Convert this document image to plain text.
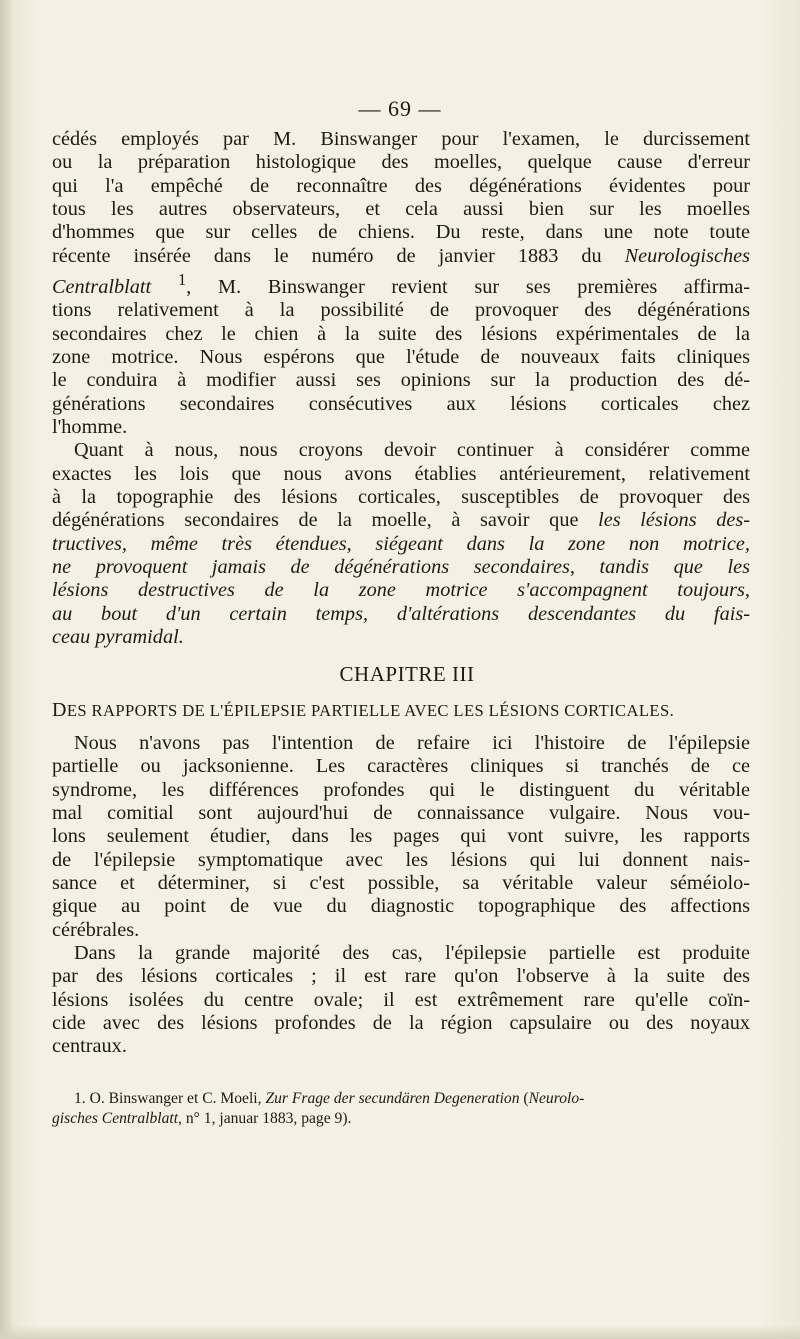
— 69 —

cédés employés par M. Binswanger pour l'examen, le durcissement
ou la préparation histologique des moelles, quelque cause d'erreur
qui l'a empêché de reconnaître des dégénérations évidentes pour
tous les autres observateurs, et cela aussi bien sur les moelles
d'hommes que sur celles de chiens. Du reste, dans une note toute
récente insérée dans le numéro de janvier 1883 du Neurologisches
Centralblatt $^1$, M. Binswanger revient sur ses premières affirma-
tions relativement à la possibilité de provoquer des dégénérations
secondaires chez le chien à la suite des lésions expérimentales de la
zone motrice. Nous espérons que l'étude de nouveaux faits cliniques
le conduira à modifier aussi ses opinions sur la production des dé-
générations secondaires consécutives aux lésions corticales chez
l'homme.

Quant à nous, nous croyons devoir continuer à considérer comme
exactes les lois que nous avons établies antérieurement, relativement
à la topographie des lésions corticales, susceptibles de provoquer des
dégénérations secondaires de la moelle, à savoir que les lésions des-
tructives, même très étendues, siégeant dans la zone non motrice,
ne provoquent jamais de dégénérations secondaires, tandis que les
lésions destructives de la zone motrice s'accompagnent toujours,
au bout d'un certain temps, d'altérations descendantes du fais-
ceau pyramidal.

CHAPITRE III
DES RAPPORTS DE L'ÉPILEPSIE PARTIELLE AVEC LES LÉSIONS CORTICALES.

Nous n'avons pas l'intention de refaire ici l'histoire de l'épilepsie
partielle ou jacksonienne. Les caractères cliniques si tranchés de ce
syndrome, les différences profondes qui le distinguent du véritable
mal comitial sont aujourd'hui de connaissance vulgaire. Nous vou-
lons seulement étudier, dans les pages qui vont suivre, les rapports
de l'épilepsie symptomatique avec les lésions qui lui donnent nais-
sance et déterminer, si c'est possible, sa véritable valeur séméiolo-
gique au point de vue du diagnostic topographique des affections
cérébrales.

Dans la grande majorité des cas, l'épilepsie partielle est produite
par des lésions corticales ; il est rare qu'on l'observe à la suite des
lésions isolées du centre ovale; il est extrêmement rare qu'elle coïn-
cide avec des lésions profondes de la région capsulaire ou des noyaux
centraux.

1. O. Binswanger et C. Moeli, Zur Frage der secundären Degeneration (Neurolo-
gisches Centralblatt, n° 1, januar 1883, page 9).
